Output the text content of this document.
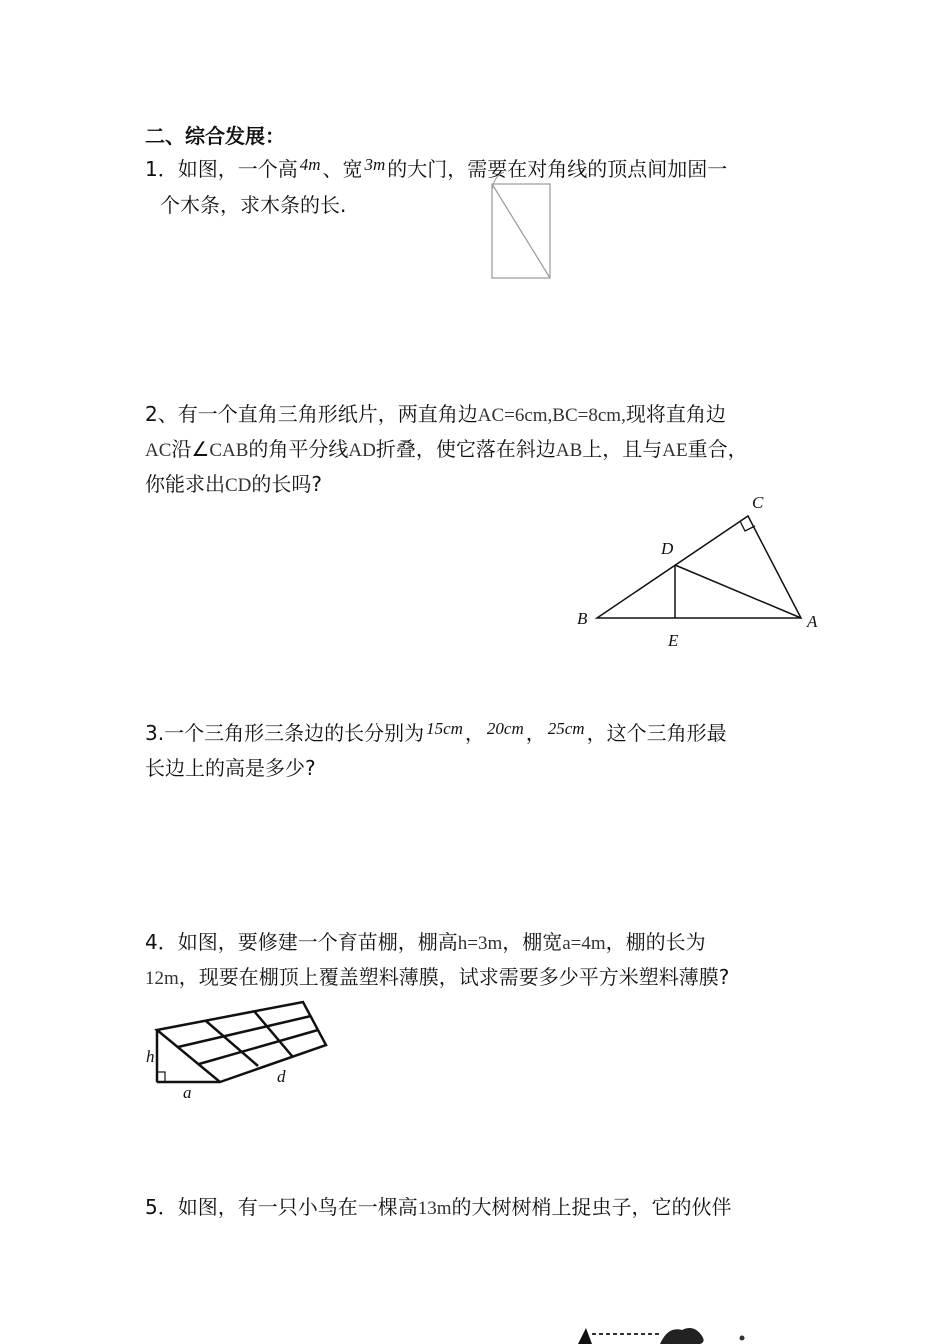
二、综合发展：
1．如图，一个高 $^{4m}$ 、宽 $^{3m}$ 的大门，需要在对角线的顶点间加固一
个木条，求木条的长.
2、有一个直角三角形纸片，两直角边AC=6cm,BC=8cm,现将直角边
AC沿∠CAB的角平分线AD折叠，使它落在斜边AB上，且与AE重合，
你能求出CD的长吗?
C
D
B	A
E
3.一个三角形三条边的长分别为 $^{15cm}$ ， $^{20cm}$ ， $^{25cm}$ ，这个三角形最
长边上的高是多少?
4．如图，要修建一个育苗棚，棚高h=3m，棚宽a=4m，棚的长为
12m，现要在棚顶上覆盖塑料薄膜，试求需要多少平方米塑料薄膜?
h
a
d
5．如图，有一只小鸟在一棵高13m的大树树梢上捉虫子，它的伙伴
